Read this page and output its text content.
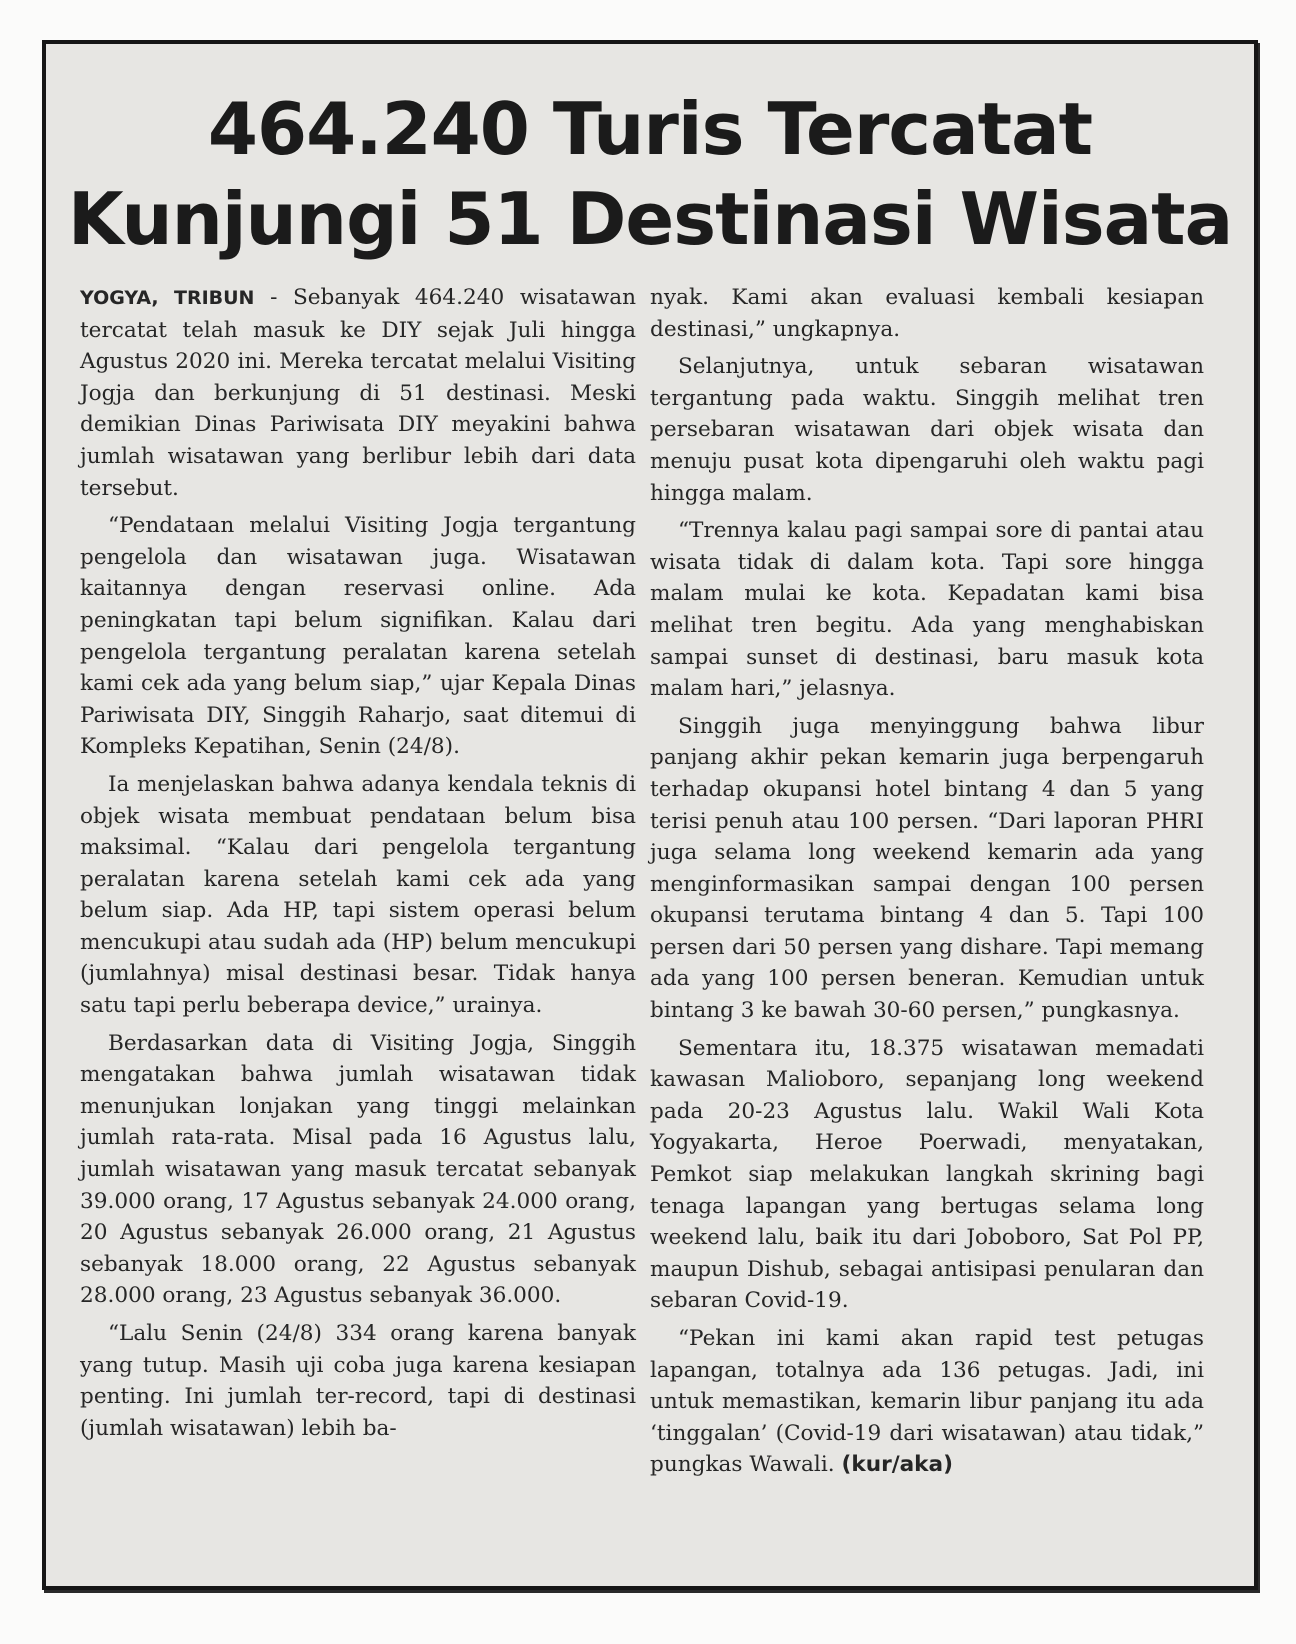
464.240 Turis Tercatat
Kunjungi 51 Destinasi Wisata

YOGYA, TRIBUN - Sebanyak 464.240 wisatawan tercatat telah masuk ke DIY sejak Juli hingga Agustus 2020 ini. Mereka tercatat melalui Visiting Jogja dan berkunjung di 51 destinasi. Meski demikian Dinas Pariwisata DIY meyakini bahwa jumlah wisatawan yang berlibur lebih dari data tersebut.

“Pendataan melalui Visiting Jogja tergantung pengelola dan wisatawan juga. Wisatawan kaitannya dengan reservasi online. Ada peningkatan tapi belum signifikan. Kalau dari pengelola tergantung peralatan karena setelah kami cek ada yang belum siap,” ujar Kepala Dinas Pariwisata DIY, Singgih Raharjo, saat ditemui di Kompleks Kepatihan, Senin (24/8).

Ia menjelaskan bahwa adanya kendala teknis di objek wisata membuat pendataan belum bisa maksimal. “Kalau dari pengelola tergantung peralatan karena setelah kami cek ada yang belum siap. Ada HP, tapi sistem operasi belum mencukupi atau sudah ada (HP) belum mencukupi (jumlahnya) misal destinasi besar. Tidak hanya satu tapi perlu beberapa device,” urainya.

Berdasarkan data di Visiting Jogja, Singgih mengatakan bahwa jumlah wisatawan tidak menunjukan lonjakan yang tinggi melainkan jumlah rata-rata. Misal pada 16 Agustus lalu, jumlah wisatawan yang masuk tercatat sebanyak 39.000 orang, 17 Agustus sebanyak 24.000 orang, 20 Agustus sebanyak 26.000 orang, 21 Agustus sebanyak 18.000 orang, 22 Agustus sebanyak 28.000 orang, 23 Agustus sebanyak 36.000.

“Lalu Senin (24/8) 334 orang karena banyak yang tutup. Masih uji coba juga karena kesiapan penting. Ini jumlah ter-record, tapi di destinasi (jumlah wisatawan) lebih ba-

nyak. Kami akan evaluasi kembali kesiapan destinasi,” ungkapnya.

Selanjutnya, untuk sebaran wisatawan tergantung pada waktu. Singgih melihat tren persebaran wisatawan dari objek wisata dan menuju pusat kota dipengaruhi oleh waktu pagi hingga malam.

“Trennya kalau pagi sampai sore di pantai atau wisata tidak di dalam kota. Tapi sore hingga malam mulai ke kota. Kepadatan kami bisa melihat tren begitu. Ada yang menghabiskan sampai sunset di destinasi, baru masuk kota malam hari,” jelasnya.

Singgih juga menyinggung bahwa libur panjang akhir pekan kemarin juga berpengaruh terhadap okupansi hotel bintang 4 dan 5 yang terisi penuh atau 100 persen. “Dari laporan PHRI juga selama long weekend kemarin ada yang menginformasikan sampai dengan 100 persen okupansi terutama bintang 4 dan 5. Tapi 100 persen dari 50 persen yang dishare. Tapi memang ada yang 100 persen beneran. Kemudian untuk bintang 3 ke bawah 30-60 persen,” pungkasnya.

Sementara itu, 18.375 wisatawan memadati kawasan Malioboro, sepanjang long weekend pada 20-23 Agustus lalu. Wakil Wali Kota Yogyakarta, Heroe Poerwadi, menyatakan, Pemkot siap melakukan langkah skrining bagi tenaga lapangan yang bertugas selama long weekend lalu, baik itu dari Joboboro, Sat Pol PP, maupun Dishub, sebagai antisipasi penularan dan sebaran Covid-19.

“Pekan ini kami akan rapid test petugas lapangan, totalnya ada 136 petugas. Jadi, ini untuk memastikan, kemarin libur panjang itu ada ‘tinggalan’ (Covid-19 dari wisatawan) atau tidak,” pungkas Wawali. (kur/aka)
